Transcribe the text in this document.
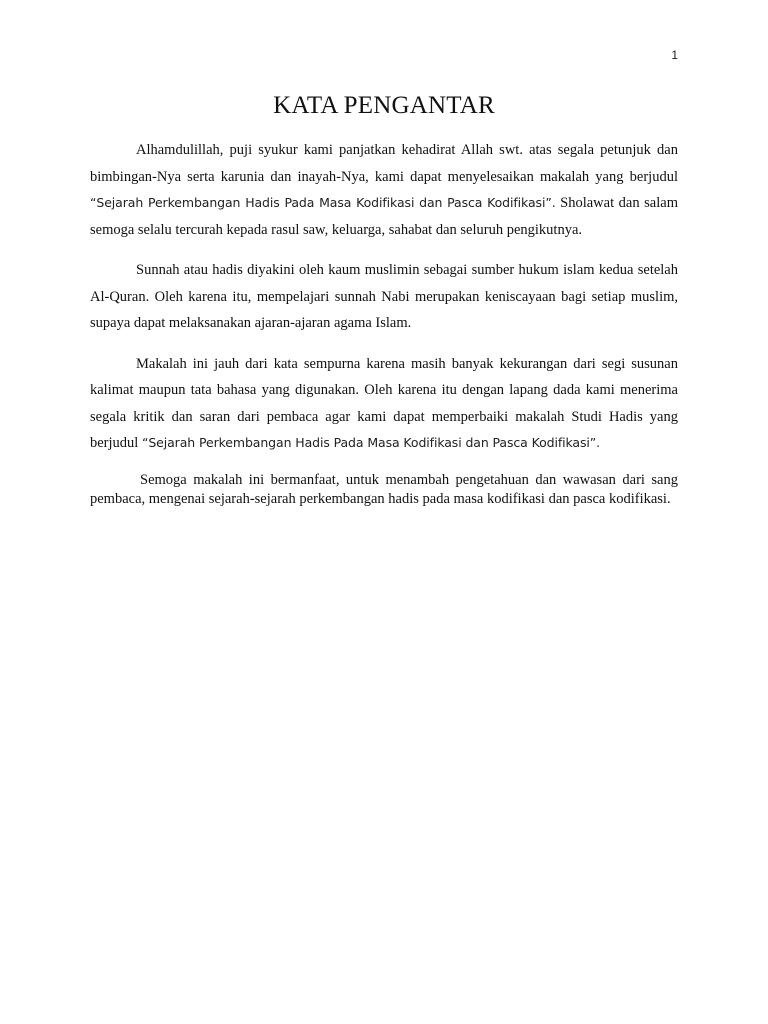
1
KATA PENGANTAR

Alhamdulillah, puji syukur kami panjatkan kehadirat Allah swt. atas segala petunjuk dan bimbingan-Nya serta karunia dan inayah-Nya, kami dapat menyelesaikan makalah yang berjudul “Sejarah Perkembangan Hadis Pada Masa Kodifikasi dan Pasca Kodifikasi”. Sholawat dan salam semoga selalu tercurah kepada rasul saw, keluarga, sahabat dan seluruh pengikutnya.

Sunnah atau hadis diyakini oleh kaum muslimin sebagai sumber hukum islam kedua setelah Al-Quran. Oleh karena itu, mempelajari sunnah Nabi merupakan keniscayaan bagi setiap muslim, supaya dapat melaksanakan ajaran-ajaran agama Islam.

Makalah ini jauh dari kata sempurna karena masih banyak kekurangan dari segi susunan kalimat maupun tata bahasa yang digunakan. Oleh karena itu dengan lapang dada kami menerima segala kritik dan saran dari pembaca agar kami dapat memperbaiki makalah Studi Hadis yang berjudul “Sejarah Perkembangan Hadis Pada Masa Kodifikasi dan Pasca Kodifikasi”.

Semoga makalah ini bermanfaat, untuk menambah pengetahuan dan wawasan dari sang pembaca, mengenai sejarah-sejarah perkembangan hadis pada masa kodifikasi dan pasca kodifikasi.
